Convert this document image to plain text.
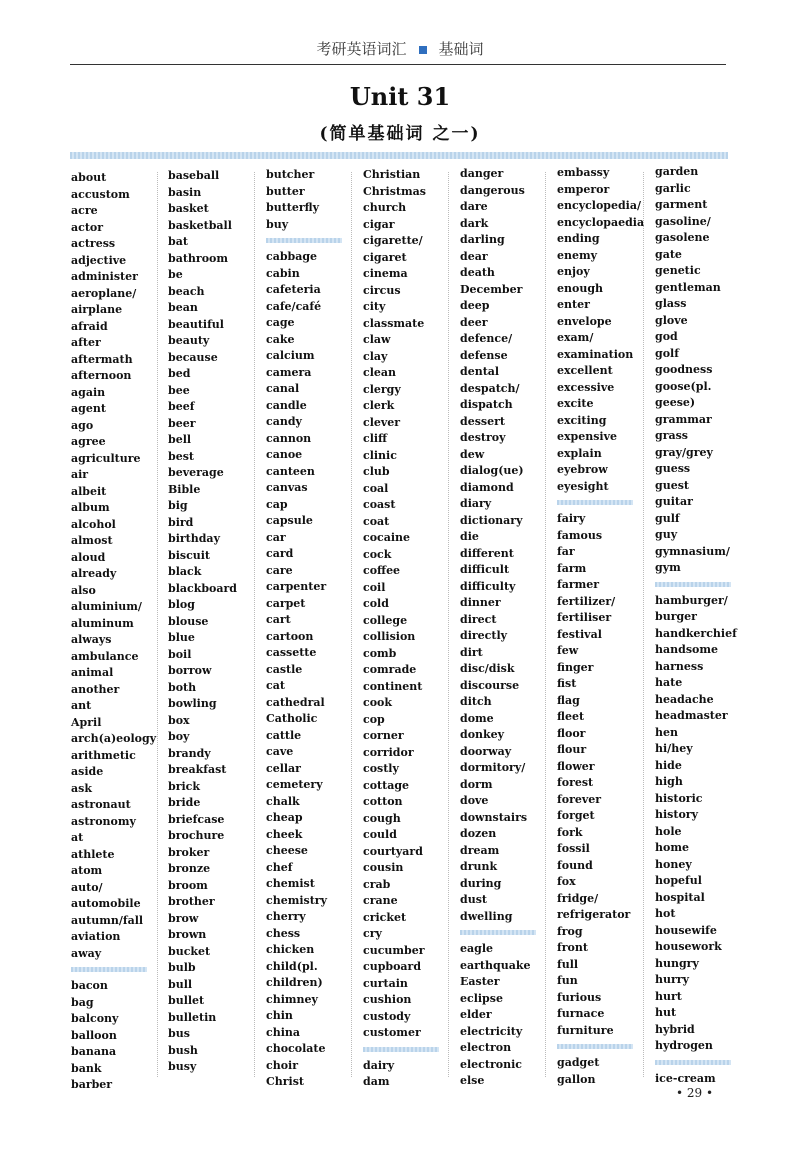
考研英语词汇 基础词
Unit 31
(简单基础词 之一)
about
accustom
acre
actor
actress
adjective
administer
aeroplane/
airplane
afraid
after
aftermath
afternoon
again
agent
ago
agree
agriculture
air
albeit
album
alcohol
almost
aloud
already
also
aluminium/
aluminum
always
ambulance
animal
another
ant
April
arch(a)eology
arithmetic
aside
ask
astronaut
astronomy
at
athlete
atom
auto/
automobile
autumn/fall
aviation
away
bacon
bag
balcony
balloon
banana
bank
barber
baseball
basin
basket
basketball
bat
bathroom
be
beach
bean
beautiful
beauty
because
bed
bee
beef
beer
bell
best
beverage
Bible
big
bird
birthday
biscuit
black
blackboard
blog
blouse
blue
boil
borrow
both
bowling
box
boy
brandy
breakfast
brick
bride
briefcase
brochure
broker
bronze
broom
brother
brow
brown
bucket
bulb
bull
bullet
bulletin
bus
bush
busy
butcher
butter
butterfly
buy
cabbage
cabin
cafeteria
cafe/café
cage
cake
calcium
camera
canal
candle
candy
cannon
canoe
canteen
canvas
cap
capsule
car
card
care
carpenter
carpet
cart
cartoon
cassette
castle
cat
cathedral
Catholic
cattle
cave
cellar
cemetery
chalk
cheap
cheek
cheese
chef
chemist
chemistry
cherry
chess
chicken
child(pl.
children)
chimney
chin
china
chocolate
choir
Christ
Christian
Christmas
church
cigar
cigarette/
cigaret
cinema
circus
city
classmate
claw
clay
clean
clergy
clerk
clever
cliff
clinic
club
coal
coast
coat
cocaine
cock
coffee
coil
cold
college
collision
comb
comrade
continent
cook
cop
corner
corridor
costly
cottage
cotton
cough
could
courtyard
cousin
crab
crane
cricket
cry
cucumber
cupboard
curtain
cushion
custody
customer
dairy
dam
danger
dangerous
dare
dark
darling
dear
death
December
deep
deer
defence/
defense
dental
despatch/
dispatch
dessert
destroy
dew
dialog(ue)
diamond
diary
dictionary
die
different
difficult
difficulty
dinner
direct
directly
dirt
disc/disk
discourse
ditch
dome
donkey
doorway
dormitory/
dorm
dove
downstairs
dozen
dream
drunk
during
dust
dwelling
eagle
earthquake
Easter
eclipse
elder
electricity
electron
electronic
else
embassy
emperor
encyclopedia/
encyclopaedia
ending
enemy
enjoy
enough
enter
envelope
exam/
examination
excellent
excessive
excite
exciting
expensive
explain
eyebrow
eyesight
fairy
famous
far
farm
farmer
fertilizer/
fertiliser
festival
few
finger
fist
flag
fleet
floor
flour
flower
forest
forever
forget
fork
fossil
found
fox
fridge/
refrigerator
frog
front
full
fun
furious
furnace
furniture
gadget
gallon
garden
garlic
garment
gasoline/
gasolene
gate
genetic
gentleman
glass
glove
god
golf
goodness
goose(pl.
geese)
grammar
grass
gray/grey
guess
guest
guitar
gulf
guy
gymnasium/
gym
hamburger/
burger
handkerchief
handsome
harness
hate
headache
headmaster
hen
hi/hey
hide
high
historic
history
hole
home
honey
hopeful
hospital
hot
housewife
housework
hungry
hurry
hurt
hut
hybrid
hydrogen
ice-cream
• 29 •
